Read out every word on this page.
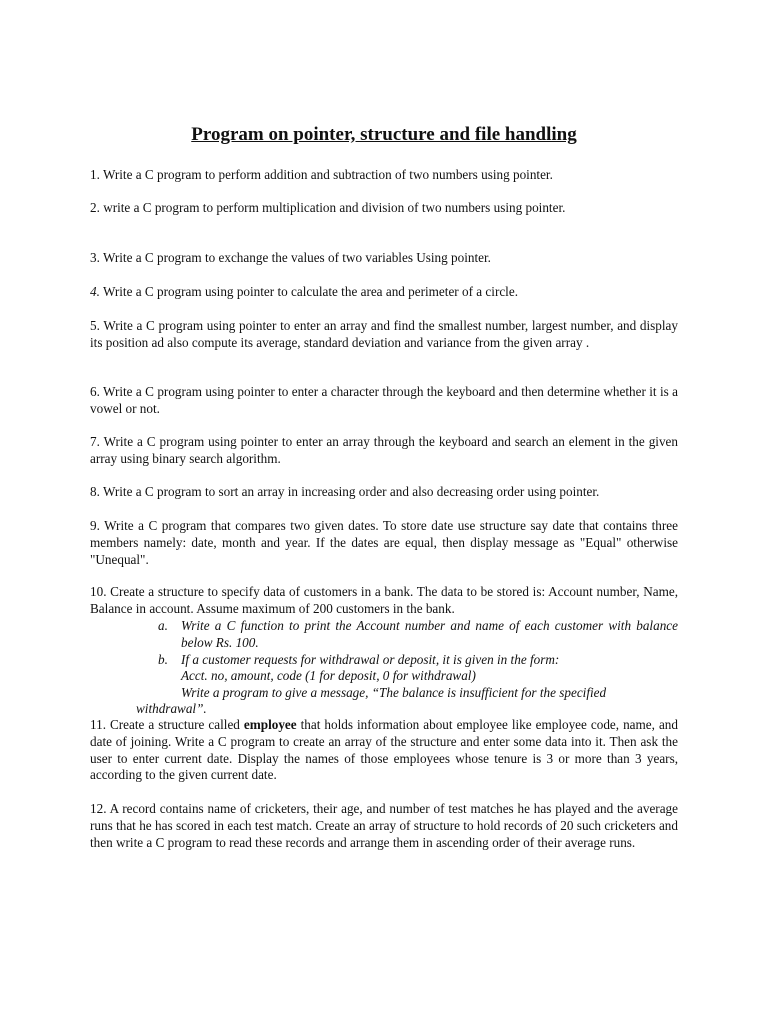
Program on pointer, structure and file handling
1. Write a C program to perform addition and subtraction of two numbers using pointer.
2. write a C program to perform multiplication and division of two numbers using pointer.
3. Write a C program to exchange the values of two variables Using pointer.
4. Write a C program using pointer to calculate the area and perimeter of a circle.
5. Write a C program using pointer to enter an array and find the smallest number, largest number, and display its position ad also compute its average, standard deviation and variance from the given array .
6. Write a C program using pointer to enter a character through the keyboard and then determine whether it is a vowel or not.
7. Write a C program using pointer to enter an array through the keyboard and search an element in the given array using binary search algorithm.
8. Write a C program to sort an array in increasing order and also decreasing order using pointer.
9. Write a C program that compares two given dates. To store date use structure say date that contains three members namely: date, month and year. If the dates are equal, then display message as "Equal" otherwise "Unequal".
10. Create a structure to specify data of customers in a bank. The data to be stored is: Account number, Name, Balance in account. Assume maximum of 200 customers in the bank.
a. Write a C function to print the Account number and name of each customer with balance below Rs. 100.
b. If a customer requests for withdrawal or deposit, it is given in the form:
Acct. no, amount, code (1 for deposit, 0 for withdrawal)
Write a program to give a message, “The balance is insufficient for the specified
withdrawal”.
11. Create a structure called employee that holds information about employee like employee code, name, and date of joining. Write a C program to create an array of the structure and enter some data into it. Then ask the user to enter current date. Display the names of those employees whose tenure is 3 or more than 3 years, according to the given current date.
12. A record contains name of cricketers, their age, and number of test matches he has played and the average runs that he has scored in each test match. Create an array of structure to hold records of 20 such cricketers and then write a C program to read these records and arrange them in ascending order of their average runs.
